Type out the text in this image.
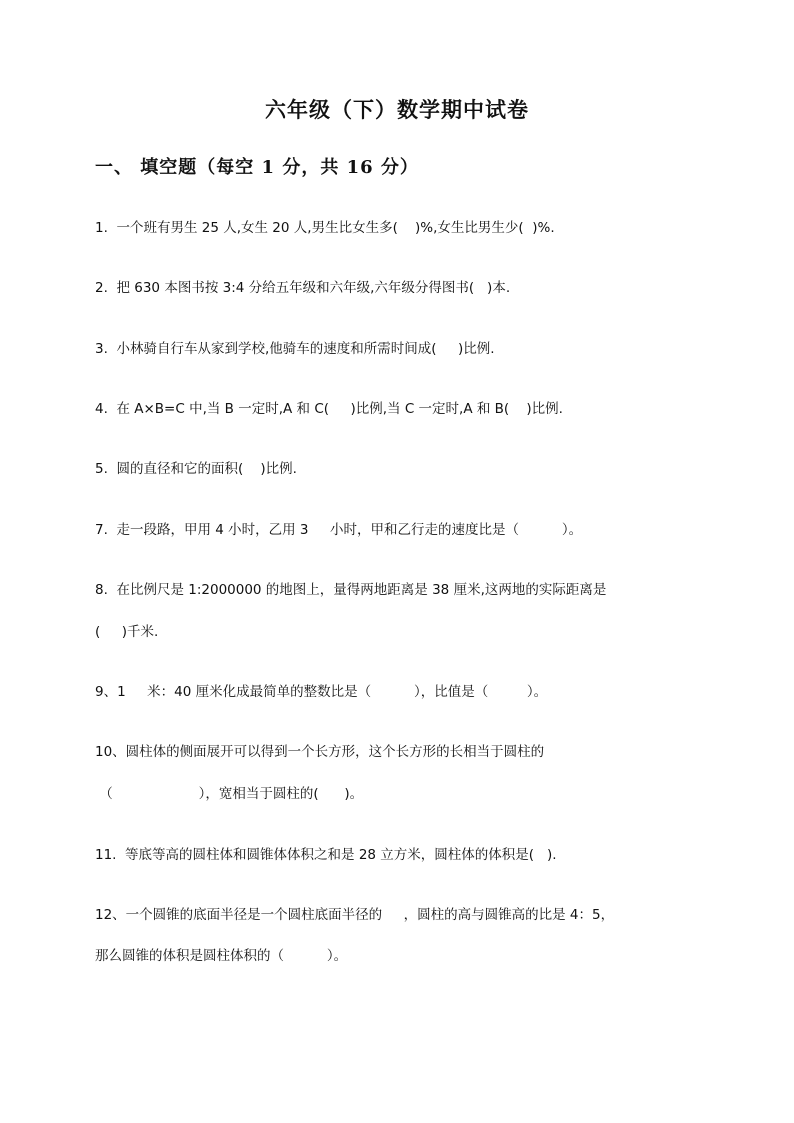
六年级（下）数学期中试卷
一、 填空题（每空 1 分，共 16 分）
1.  一个班有男生 25 人,女生 20 人,男生比女生多(    )%,女生比男生少(  )%.
2.  把 630 本图书按 3:4 分给五年级和六年级,六年级分得图书(   )本.
3.  小林骑自行车从家到学校,他骑车的速度和所需时间成(     )比例.
4.  在 A×B=C 中,当 B 一定时,A 和 C(     )比例,当 C 一定时,A 和 B(    )比例.
5.  圆的直径和它的面积(    )比例.
7.  走一段路，甲用 4 小时，乙用 3     小时，甲和乙行走的速度比是（          ）。
8.  在比例尺是 1:2000000 的地图上，量得两地距离是 38 厘米,这两地的实际距离是
(     )千米.
9、1     米：40 厘米化成最简单的整数比是（          ），比值是（         ）。
10、圆柱体的侧面展开可以得到一个长方形，这个长方形的长相当于圆柱的
（                    ），宽相当于圆柱的(      )。
11.  等底等高的圆柱体和圆锥体体积之和是 28 立方米，圆柱体的体积是(   ).
12、一个圆锥的底面半径是一个圆柱底面半径的     ，圆柱的高与圆锥高的比是 4：5，
那么圆锥的体积是圆柱体积的（          ）。
